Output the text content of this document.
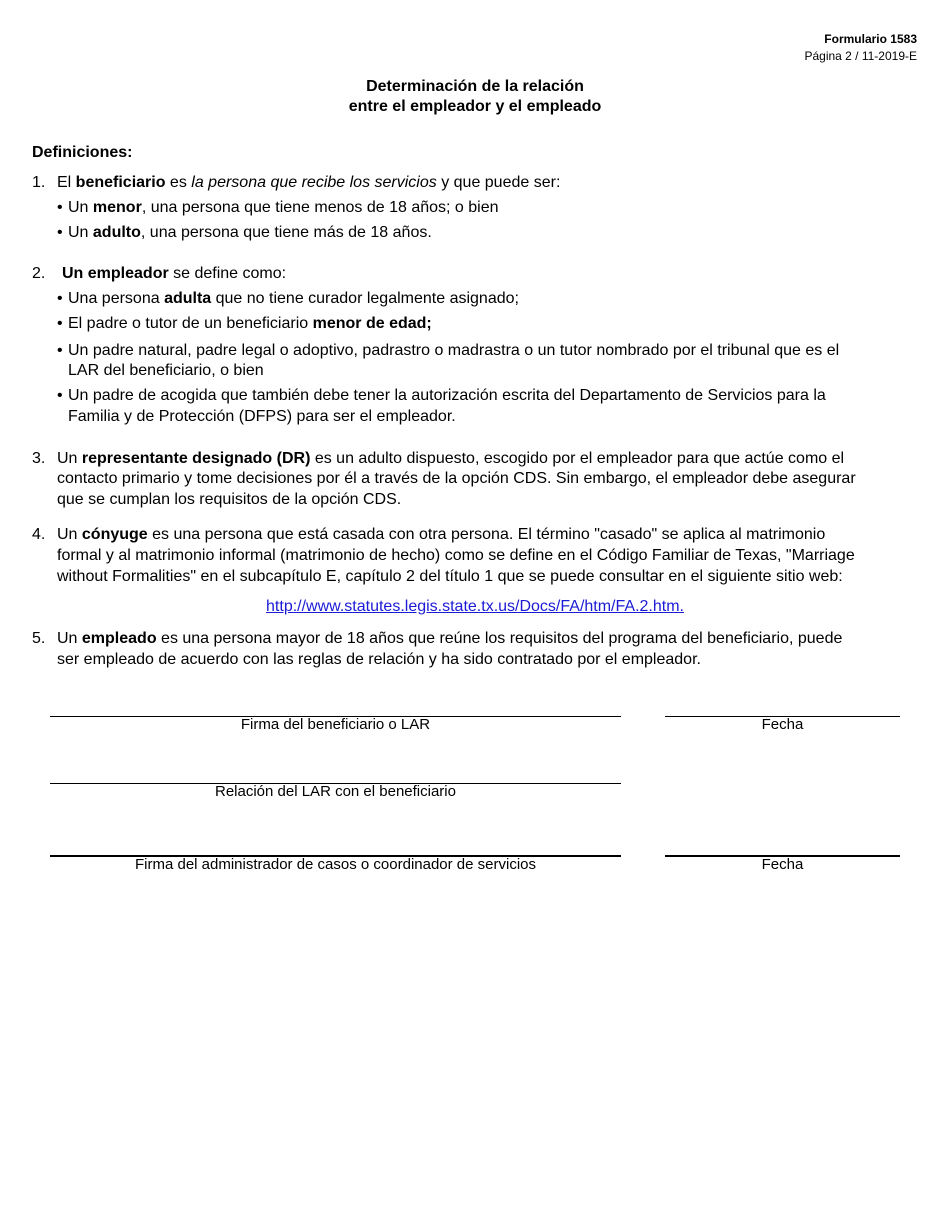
Formulario 1583
Página 2 / 11-2019-E
Determinación de la relación
entre el empleador y el empleado
Definiciones:
1. El beneficiario es la persona que recibe los servicios y que puede ser:
• Un menor, una persona que tiene menos de 18 años; o bien
• Un adulto, una persona que tiene más de 18 años.
2. Un empleador se define como:
• Una persona adulta que no tiene curador legalmente asignado;
• El padre o tutor de un beneficiario menor de edad;
• Un padre natural, padre legal o adoptivo, padrastro o madrastra o un tutor nombrado por el tribunal que es el
LAR del beneficiario, o bien
• Un padre de acogida que también debe tener la autorización escrita del Departamento de Servicios para la
Familia y de Protección (DFPS) para ser el empleador.
3. Un representante designado (DR) es un adulto dispuesto, escogido por el empleador para que actúe como el
contacto primario y tome decisiones por él a través de la opción CDS. Sin embargo, el empleador debe asegurar
que se cumplan los requisitos de la opción CDS.
4. Un cónyuge es una persona que está casada con otra persona. El término "casado" se aplica al matrimonio
formal y al matrimonio informal (matrimonio de hecho) como se define en el Código Familiar de Texas, "Marriage
without Formalities" en el subcapítulo E, capítulo 2 del título 1 que se puede consultar en el siguiente sitio web:
http://www.statutes.legis.state.tx.us/Docs/FA/htm/FA.2.htm.
5. Un empleado es una persona mayor de 18 años que reúne los requisitos del programa del beneficiario, puede
ser empleado de acuerdo con las reglas de relación y ha sido contratado por el empleador.
Firma del beneficiario o LAR	Fecha
Relación del LAR con el beneficiario
Firma del administrador de casos o coordinador de servicios	Fecha
